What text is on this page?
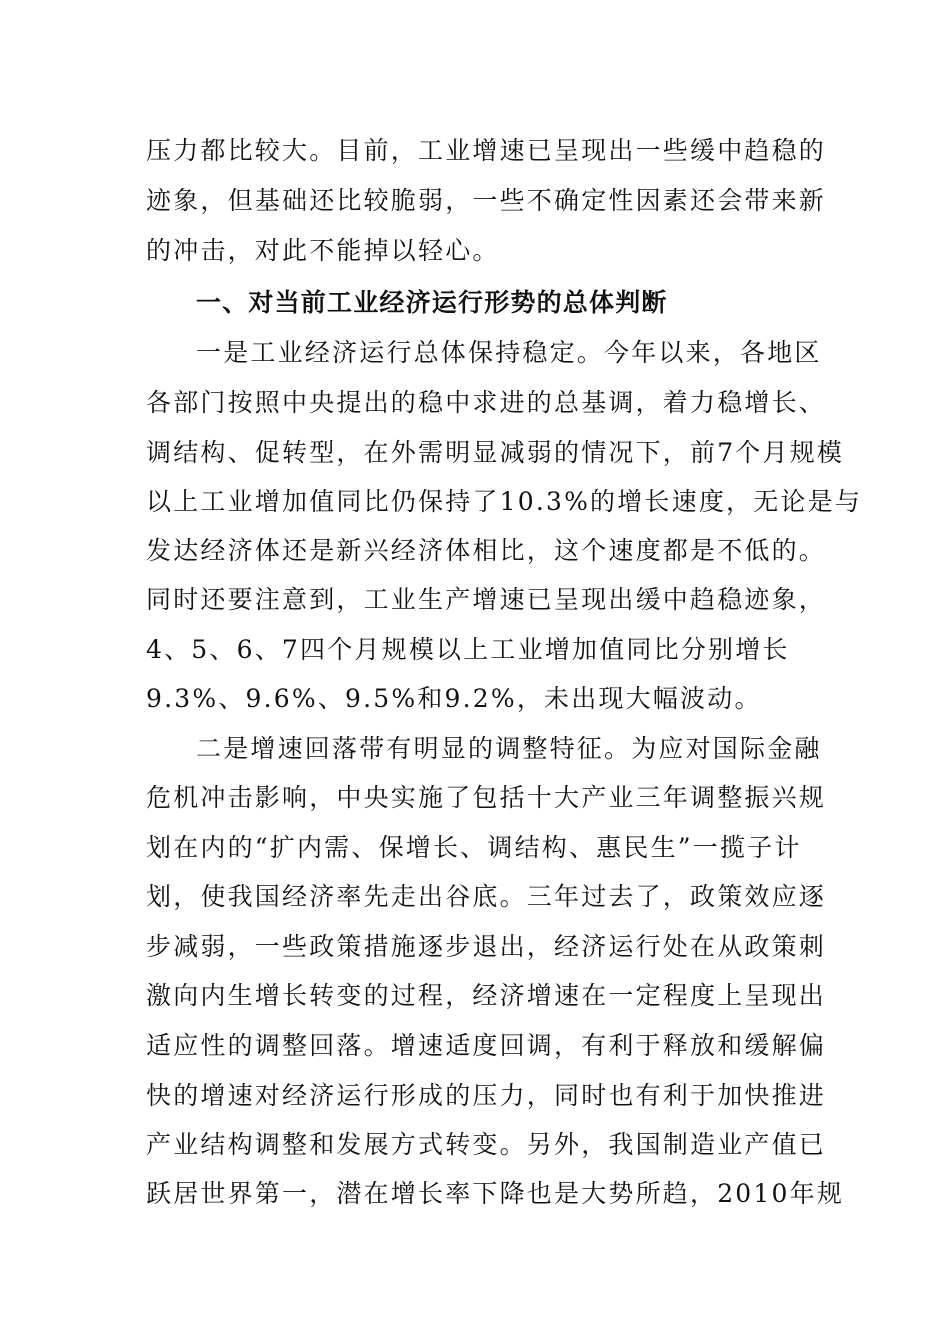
压力都比较大。目前，工业增速已呈现出一些缓中趋稳的

迹象，但基础还比较脆弱，一些不确定性因素还会带来新

的冲击，对此不能掉以轻心。

一、对当前工业经济运行形势的总体判断

一是工业经济运行总体保持稳定。今年以来，各地区

各部门按照中央提出的稳中求进的总基调，着力稳增长、

调结构、促转型，在外需明显减弱的情况下，前7个月规模

以上工业增加值同比仍保持了10.3%的增长速度，无论是与

发达经济体还是新兴经济体相比，这个速度都是不低的。

同时还要注意到，工业生产增速已呈现出缓中趋稳迹象，

4、5、6、7四个月规模以上工业增加值同比分别增长

9.3%、9.6%、9.5%和9.2%，未出现大幅波动。

二是增速回落带有明显的调整特征。为应对国际金融

危机冲击影响，中央实施了包括十大产业三年调整振兴规

划在内的“扩内需、保增长、调结构、惠民生”一揽子计

划，使我国经济率先走出谷底。三年过去了，政策效应逐

步减弱，一些政策措施逐步退出，经济运行处在从政策刺

激向内生增长转变的过程，经济增速在一定程度上呈现出

适应性的调整回落。增速适度回调，有利于释放和缓解偏

快的增速对经济运行形成的压力，同时也有利于加快推进

产业结构调整和发展方式转变。另外，我国制造业产值已

跃居世界第一，潜在增长率下降也是大势所趋，2010年规
